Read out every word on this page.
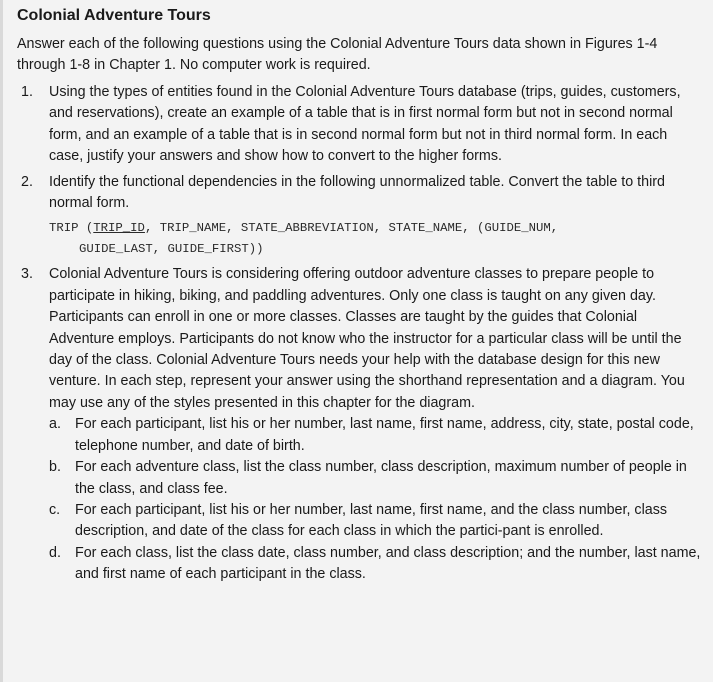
Colonial Adventure Tours
Answer each of the following questions using the Colonial Adventure Tours data shown in Figures 1-4 through 1-8 in Chapter 1. No computer work is required.
1. Using the types of entities found in the Colonial Adventure Tours database (trips, guides, customers, and reservations), create an example of a table that is in first normal form but not in second normal form, and an example of a table that is in second normal form but not in third normal form. In each case, justify your answers and show how to convert to the higher forms.
2. Identify the functional dependencies in the following unnormalized table. Convert the table to third normal form.
TRIP (TRIP_ID, TRIP_NAME, STATE_ABBREVIATION, STATE_NAME, (GUIDE_NUM,
GUIDE_LAST, GUIDE_FIRST))
3. Colonial Adventure Tours is considering offering outdoor adventure classes to prepare people to participate in hiking, biking, and paddling adventures. Only one class is taught on any given day. Participants can enroll in one or more classes. Classes are taught by the guides that Colonial Adventure employs. Participants do not know who the instructor for a particular class will be until the day of the class. Colonial Adventure Tours needs your help with the database design for this new venture. In each step, represent your answer using the shorthand representation and a diagram. You may use any of the styles presented in this chapter for the diagram.
a. For each participant, list his or her number, last name, first name, address, city, state, postal code, telephone number, and date of birth.
b. For each adventure class, list the class number, class description, maximum number of people in the class, and class fee.
c. For each participant, list his or her number, last name, first name, and the class number, class description, and date of the class for each class in which the partici-pant is enrolled.
d. For each class, list the class date, class number, and class description; and the number, last name, and first name of each participant in the class.
